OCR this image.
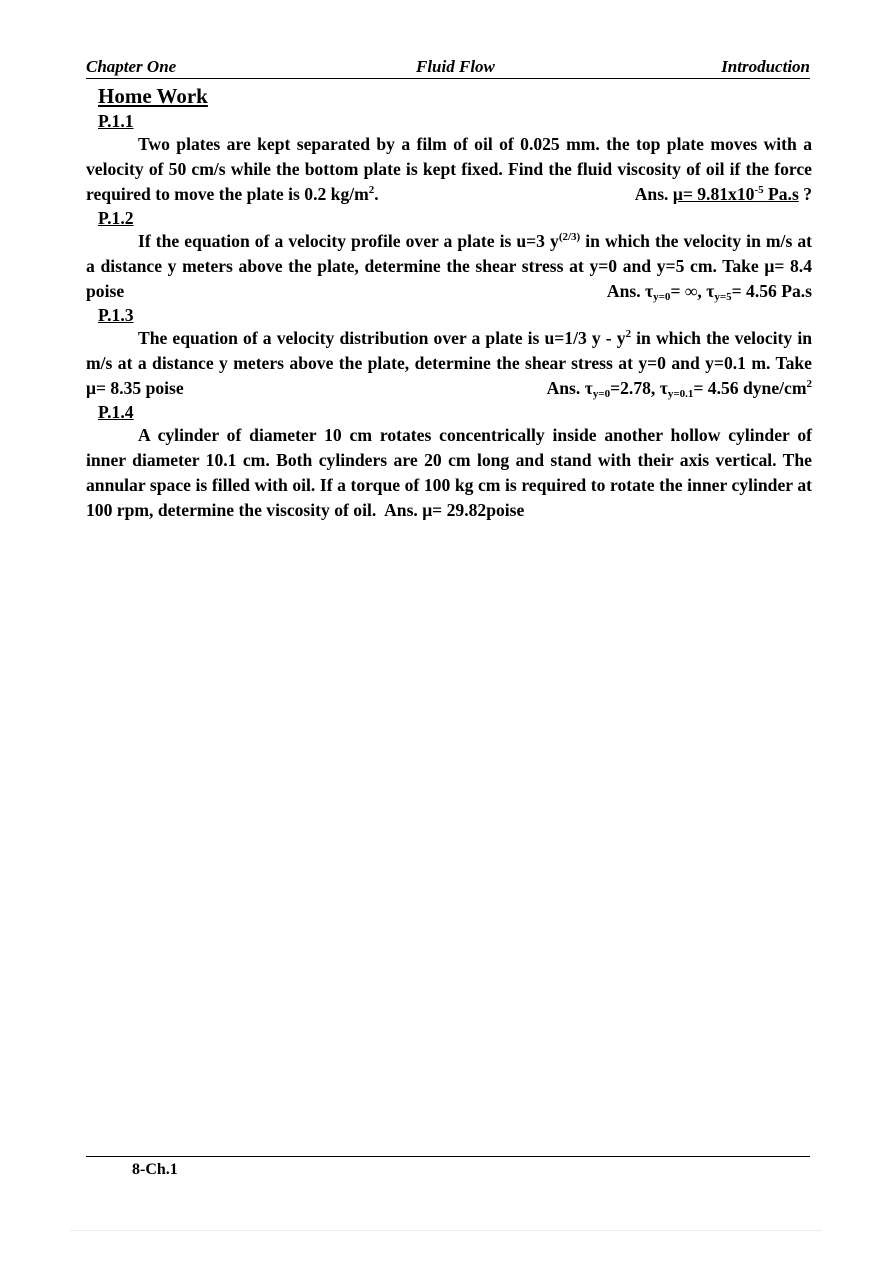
Chapter One	Fluid Flow	Introduction
Home Work
P.1.1

Two plates are kept separated by a film of oil of 0.025 mm. the top plate moves with a velocity of 50 cm/s while the bottom plate is kept fixed. Find the fluid viscosity of oil if the force required to move the plate is 0.2 $kg/m^2$.	Ans. $\mu= 9.81x10^{-5}$ Pa.s ?

P.1.2

If the equation of a velocity profile over a plate is u=3 $y^{(2/3)}$ in which the velocity in m/s at a distance y meters above the plate, determine the shear stress at y=0 and y=5 cm. Take μ= 8.4 poise	Ans. $\tau_{y=0}=$ ∞, $\tau_{y=5}= 4.56$ Pa.s

P.1.3

The equation of a velocity distribution over a plate is u=1/3 y - $y^2$ in which the velocity in m/s at a distance y meters above the plate, determine the shear stress at y=0 and y=0.1 m. Take μ= 8.35 poise	Ans. $\tau_{y=0}=2.78$, $\tau_{y=0.1}= 4.56$ dyne/$cm^2$

P.1.4

A cylinder of diameter 10 cm rotates concentrically inside another hollow cylinder of inner diameter 10.1 cm. Both cylinders are 20 cm long and stand with their axis vertical. The annular space is filled with oil. If a torque of 100 kg cm is required to rotate the inner cylinder at 100 rpm, determine the viscosity of oil. Ans. μ= 29.82poise

8-Ch.1
